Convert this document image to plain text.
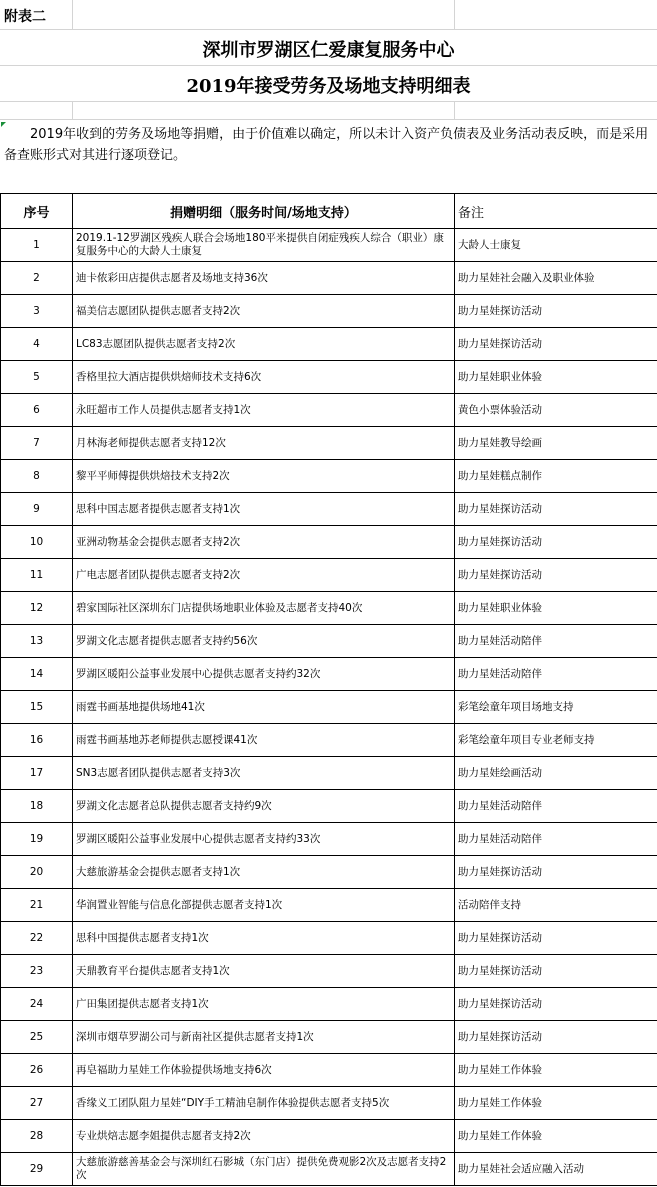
附表二
深圳市罗湖区仁爱康复服务中心
2019年接受劳务及场地支持明细表
　　2019年收到的劳务及场地等捐赠，由于价值难以确定，所以未计入资产负债表及业务活动表反映，而是采用备查账形式对其进行逐项登记。
序号	捐赠明细（服务时间/场地支持）	备注
1	2019.1-12罗湖区残疾人联合会场地180平米提供自闭症残疾人综合（职业）康复服务中心的大龄人士康复	大龄人士康复
2	迪卡侬彩田店提供志愿者及场地支持36次	助力星娃社会融入及职业体验
3	福美信志愿团队提供志愿者支持2次	助力星娃探访活动
4	LC83志愿团队提供志愿者支持2次	助力星娃探访活动
5	香格里拉大酒店提供烘焙师技术支持6次	助力星娃职业体验
6	永旺超市工作人员提供志愿者支持1次	黄色小票体验活动
7	月林海老师提供志愿者支持12次	助力星娃教导绘画
8	黎平平师傅提供烘焙技术支持2次	助力星娃糕点制作
9	思科中国志愿者提供志愿者支持1次	助力星娃探访活动
10	亚洲动物基金会提供志愿者支持2次	助力星娃探访活动
11	广电志愿者团队提供志愿者支持2次	助力星娃探访活动
12	碧家国际社区深圳东门店提供场地职业体验及志愿者支持40次	助力星娃职业体验
13	罗湖文化志愿者提供志愿者支持约56次	助力星娃活动陪伴
14	罗湖区暖阳公益事业发展中心提供志愿者支持约32次	助力星娃活动陪伴
15	雨霆书画基地提供场地41次	彩笔绘童年项目场地支持
16	雨霆书画基地苏老师提供志愿授课41次	彩笔绘童年项目专业老师支持
17	SN3志愿者团队提供志愿者支持3次	助力星娃绘画活动
18	罗湖文化志愿者总队提供志愿者支持约9次	助力星娃活动陪伴
19	罗湖区暖阳公益事业发展中心提供志愿者支持约33次	助力星娃活动陪伴
20	大慈旅游基金会提供志愿者支持1次	助力星娃探访活动
21	华润置业智能与信息化部提供志愿者支持1次	活动陪伴支持
22	思科中国提供志愿者支持1次	助力星娃探访活动
23	天鼎教育平台提供志愿者支持1次	助力星娃探访活动
24	广田集团提供志愿者支持1次	助力星娃探访活动
25	深圳市烟草罗湖公司与新南社区提供志愿者支持1次	助力星娃探访活动
26	再皂福助力星娃工作体验提供场地支持6次	助力星娃工作体验
27	香缘义工团队阻力星娃“DIY手工精油皂制作体验提供志愿者支持5次	助力星娃工作体验
28	专业烘焙志愿李姐提供志愿者支持2次	助力星娃工作体验
29	大慈旅游慈善基金会与深圳红石影城（东门店）提供免费观影2次及志愿者支持2次	助力星娃社会适应融入活动
